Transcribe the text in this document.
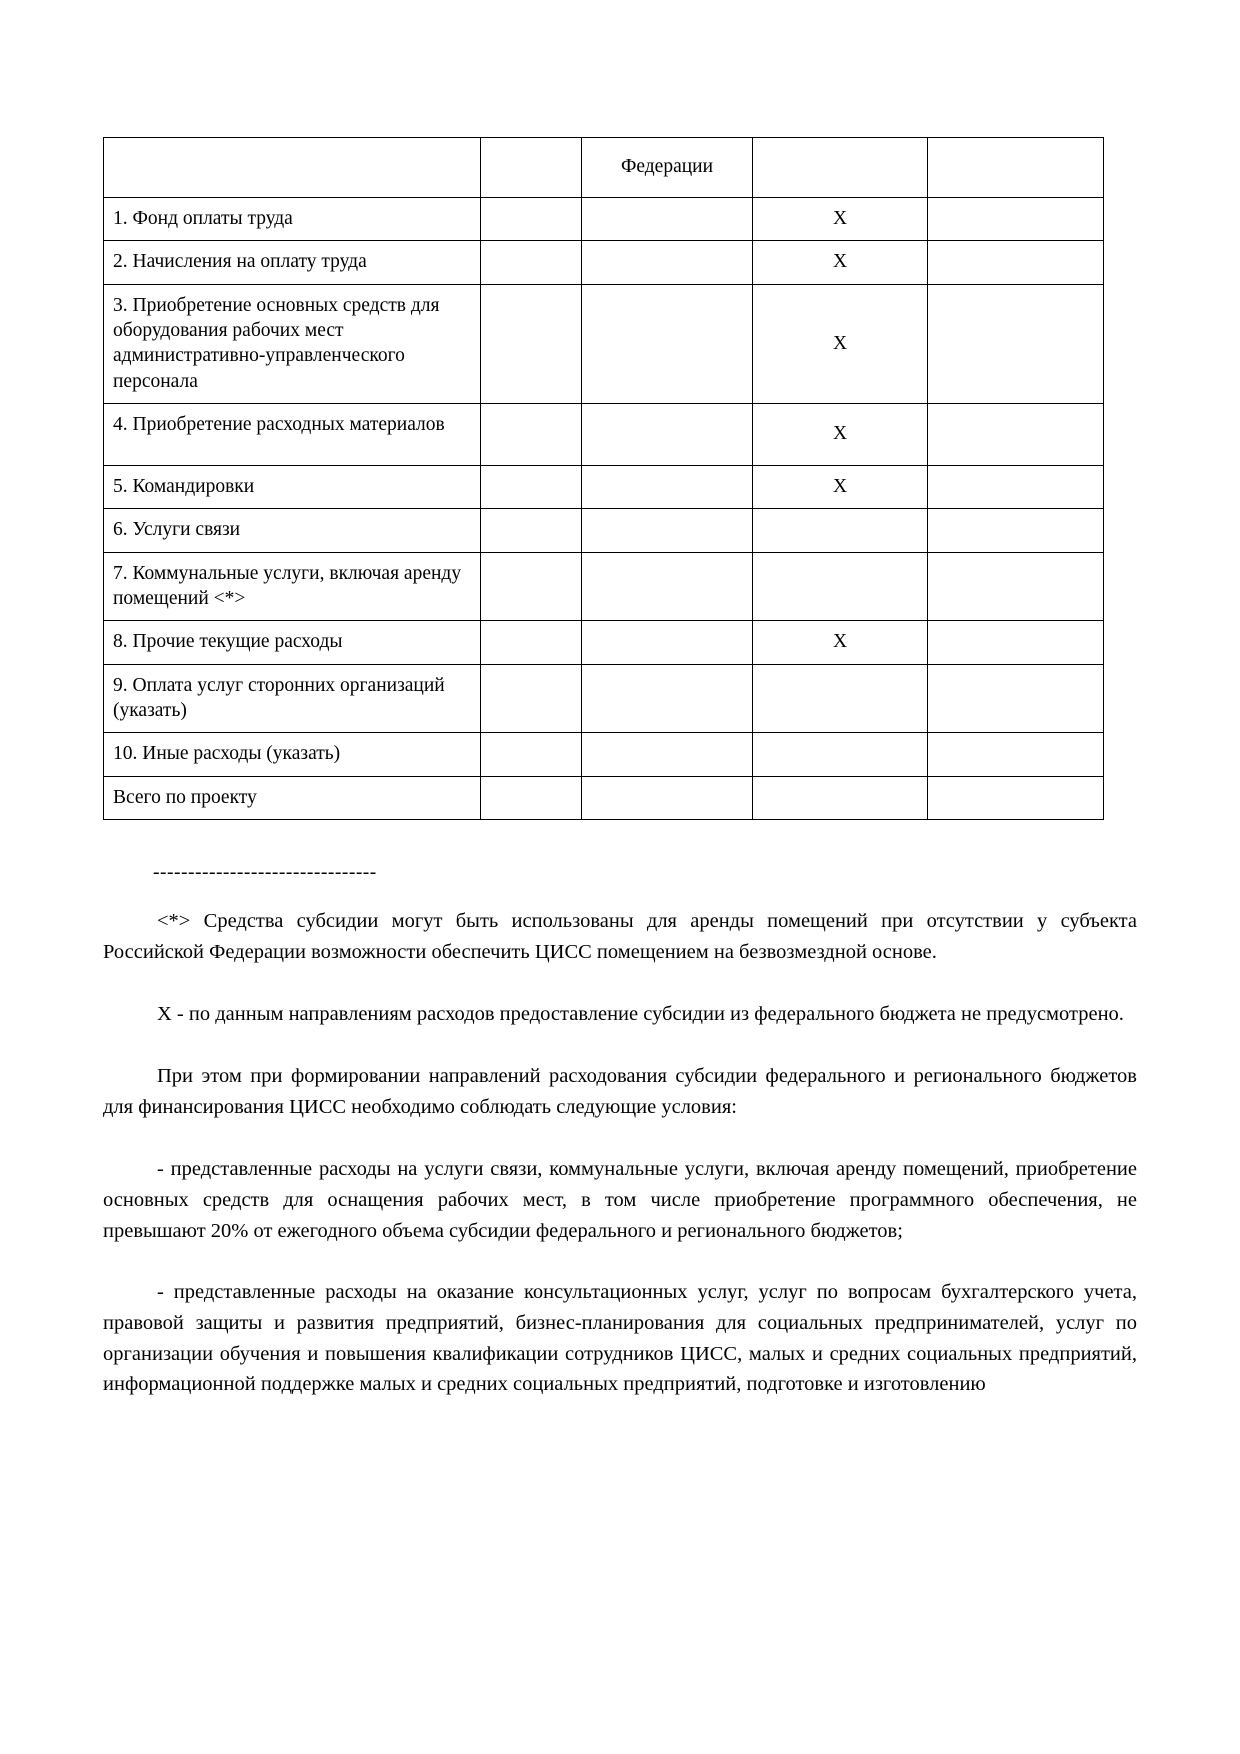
		Федерации		
1. Фонд оплаты труда			X	
2. Начисления на оплату труда			X	
3. Приобретение основных средств для оборудования рабочих мест административно-управленческого персонала			X	
4. Приобретение расходных материалов			X	
5. Командировки			X	
6. Услуги связи				
7. Коммунальные услуги, включая аренду помещений <*>				
8. Прочие текущие расходы			X	
9. Оплата услуг сторонних организаций (указать)				
10. Иные расходы (указать)				
Всего по проекту				
--------------------------------
<*> Средства субсидии могут быть использованы для аренды помещений при отсутствии у субъекта Российской Федерации возможности обеспечить ЦИСС помещением на безвозмездной основе.
X - по данным направлениям расходов предоставление субсидии из федерального бюджета не предусмотрено.
При этом при формировании направлений расходования субсидии федерального и регионального бюджетов для финансирования ЦИСС необходимо соблюдать следующие условия:
- представленные расходы на услуги связи, коммунальные услуги, включая аренду помещений, приобретение основных средств для оснащения рабочих мест, в том числе приобретение программного обеспечения, не превышают 20% от ежегодного объема субсидии федерального и регионального бюджетов;
- представленные расходы на оказание консультационных услуг, услуг по вопросам бухгалтерского учета, правовой защиты и развития предприятий, бизнес-планирования для социальных предпринимателей, услуг по организации обучения и повышения квалификации сотрудников ЦИСС, малых и средних социальных предприятий, информационной поддержке малых и средних социальных предприятий, подготовке и изготовлению
